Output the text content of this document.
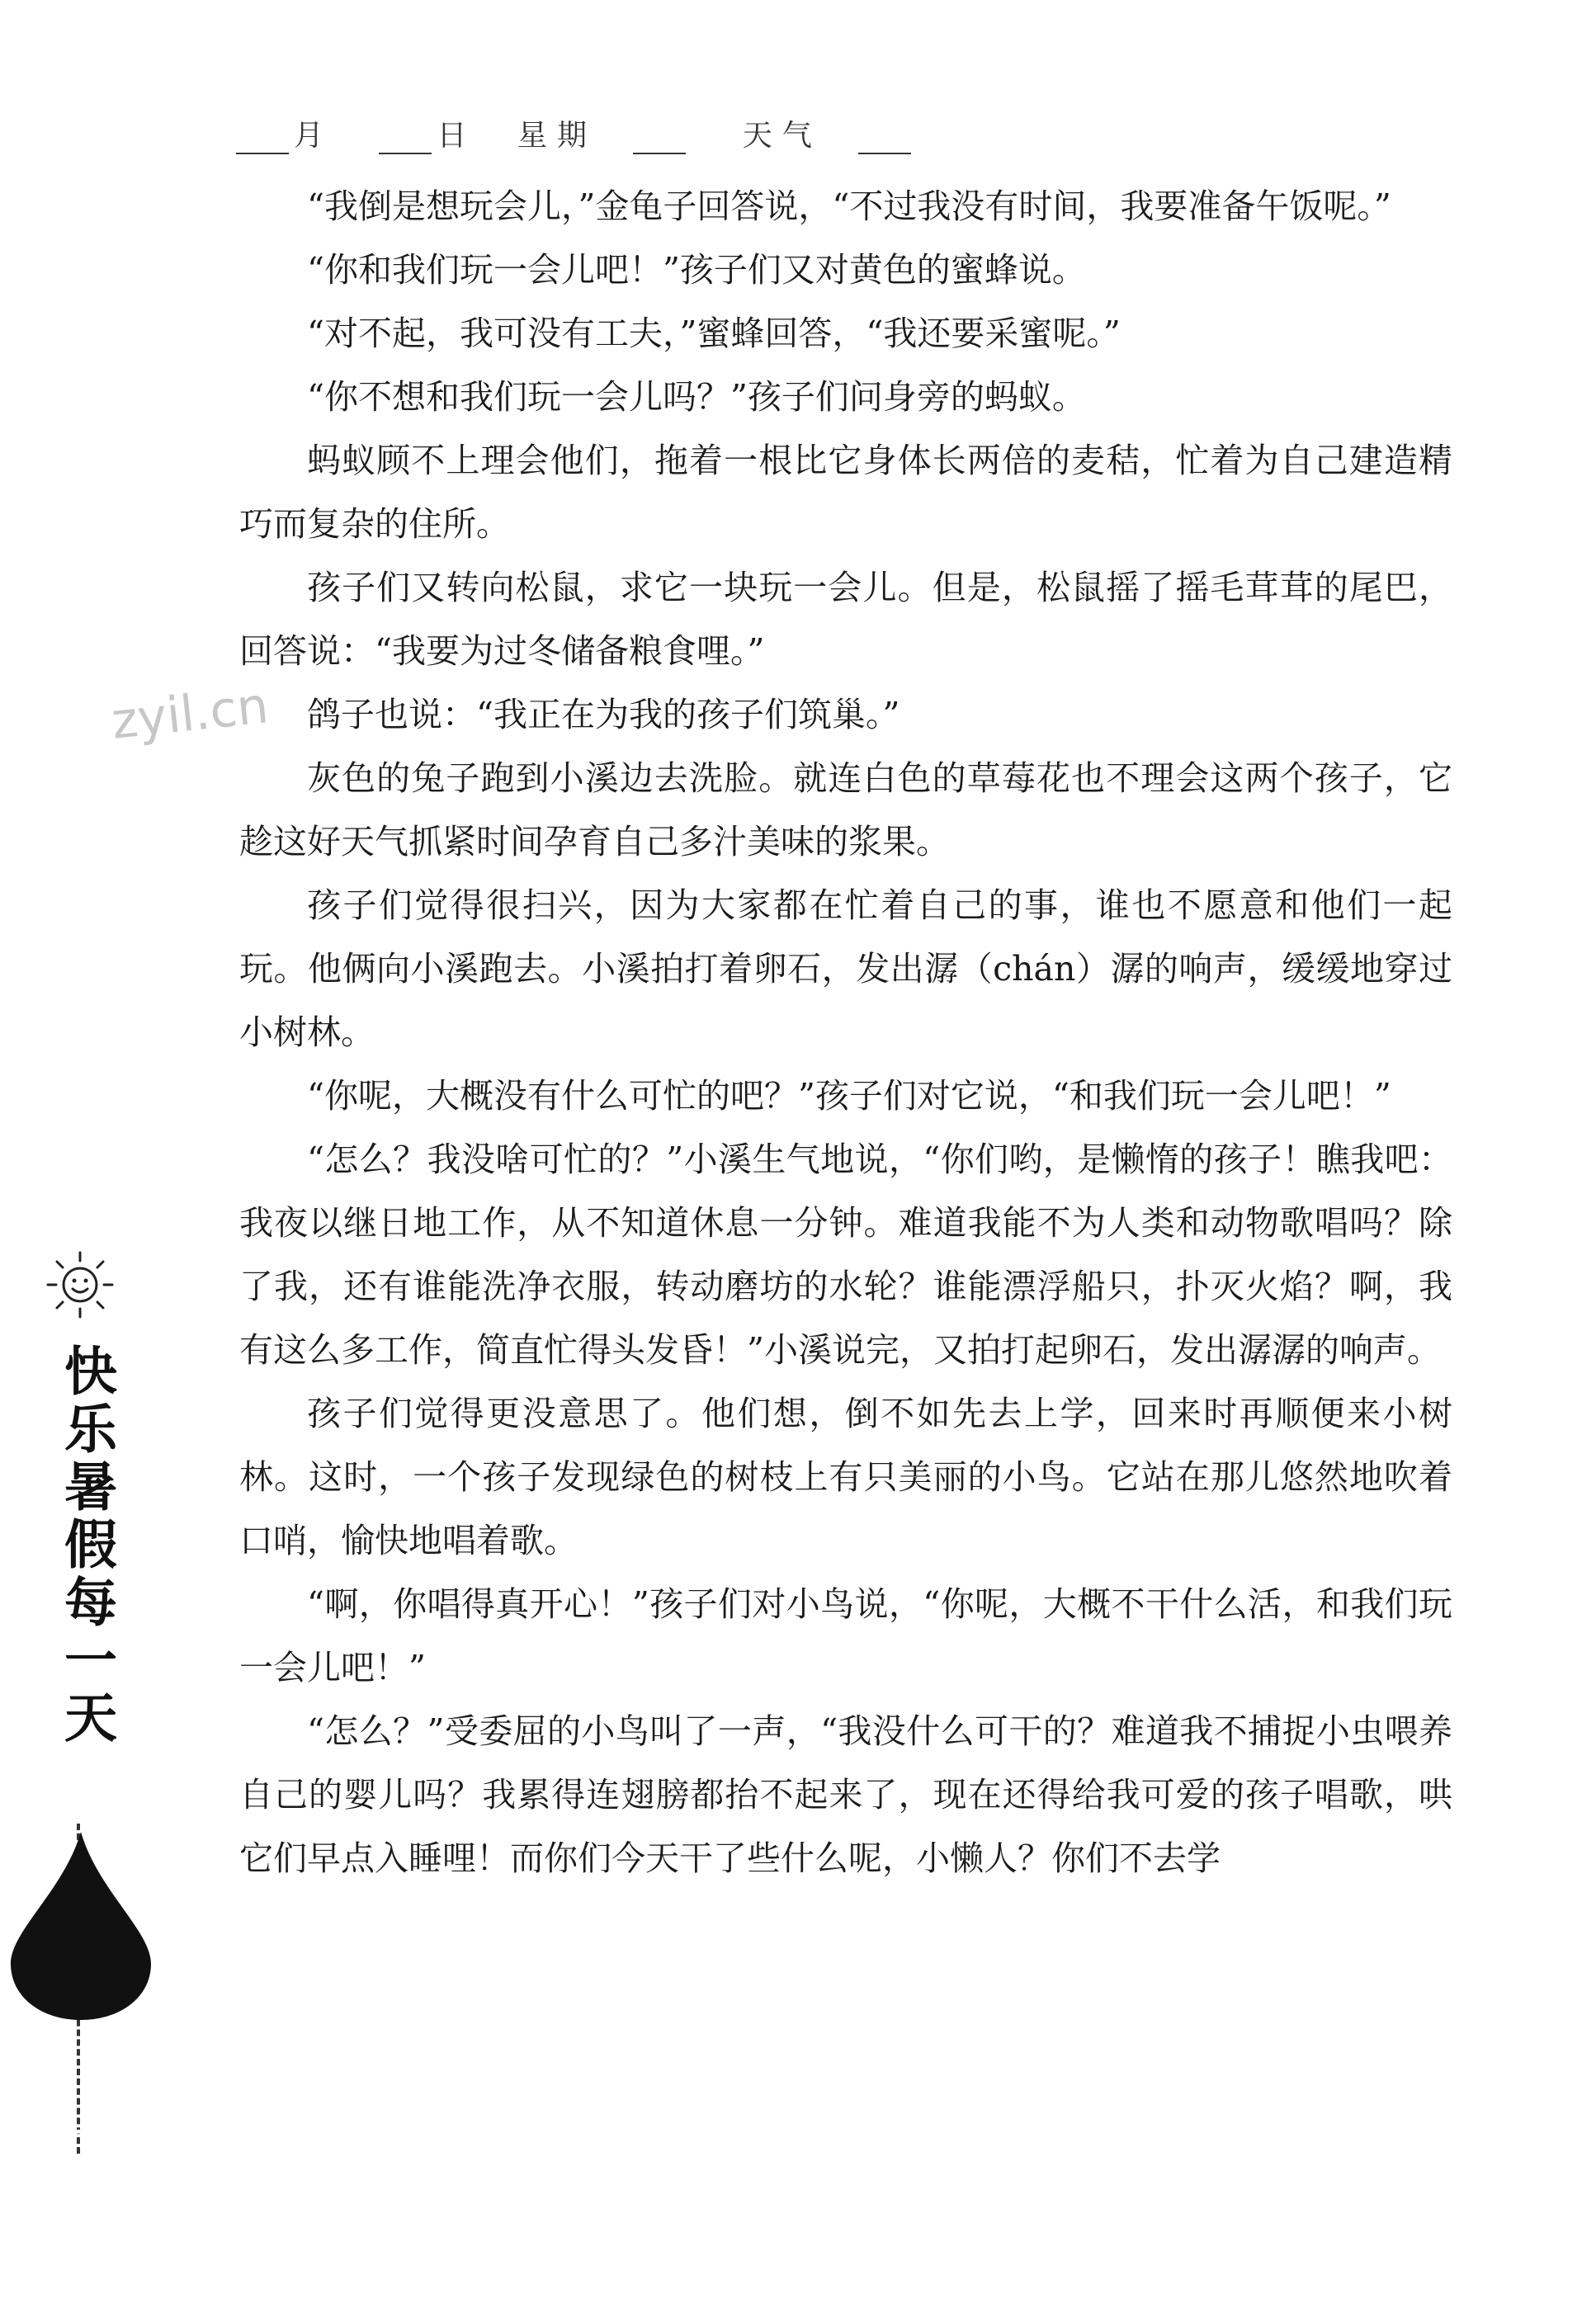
月	日 星期	天气
zyil.cn

“我倒是想玩会儿，”金龟子回答说，“不过我没有时间，我要准备午饭呢。”

“你和我们玩一会儿吧！”孩子们又对黄色的蜜蜂说。

“对不起，我可没有工夫，”蜜蜂回答，“我还要采蜜呢。”

“你不想和我们玩一会儿吗？”孩子们问身旁的蚂蚁。

蚂蚁顾不上理会他们，拖着一根比它身体长两倍的麦秸，忙着为自己建造精巧而复杂的住所。

孩子们又转向松鼠，求它一块玩一会儿。但是，松鼠摇了摇毛茸茸的尾巴，回答说：“我要为过冬储备粮食哩。”

鸽子也说：“我正在为我的孩子们筑巢。”

灰色的兔子跑到小溪边去洗脸。就连白色的草莓花也不理会这两个孩子，它趁这好天气抓紧时间孕育自己多汁美味的浆果。

孩子们觉得很扫兴，因为大家都在忙着自己的事，谁也不愿意和他们一起玩。他俩向小溪跑去。小溪拍打着卵石，发出潺（chán）潺的响声，缓缓地穿过小树林。

“你呢，大概没有什么可忙的吧？”孩子们对它说，“和我们玩一会儿吧！”

“怎么？我没啥可忙的？”小溪生气地说，“你们哟，是懒惰的孩子！瞧我吧：我夜以继日地工作，从不知道休息一分钟。难道我能不为人类和动物歌唱吗？除了我，还有谁能洗净衣服，转动磨坊的水轮？谁能漂浮船只，扑灭火焰？啊，我有这么多工作，简直忙得头发昏！”小溪说完，又拍打起卵石，发出潺潺的响声。

孩子们觉得更没意思了。他们想，倒不如先去上学，回来时再顺便来小树林。这时，一个孩子发现绿色的树枝上有只美丽的小鸟。它站在那儿悠然地吹着口哨，愉快地唱着歌。

“啊，你唱得真开心！”孩子们对小鸟说，“你呢，大概不干什么活，和我们玩一会儿吧！”

“怎么？”受委屈的小鸟叫了一声，“我没什么可干的？难道我不捕捉小虫喂养自己的婴儿吗？我累得连翅膀都抬不起来了，现在还得给我可爱的孩子唱歌，哄它们早点入睡哩！而你们今天干了些什么呢，小懒人？你们不去学

快乐暑假每一天
108
